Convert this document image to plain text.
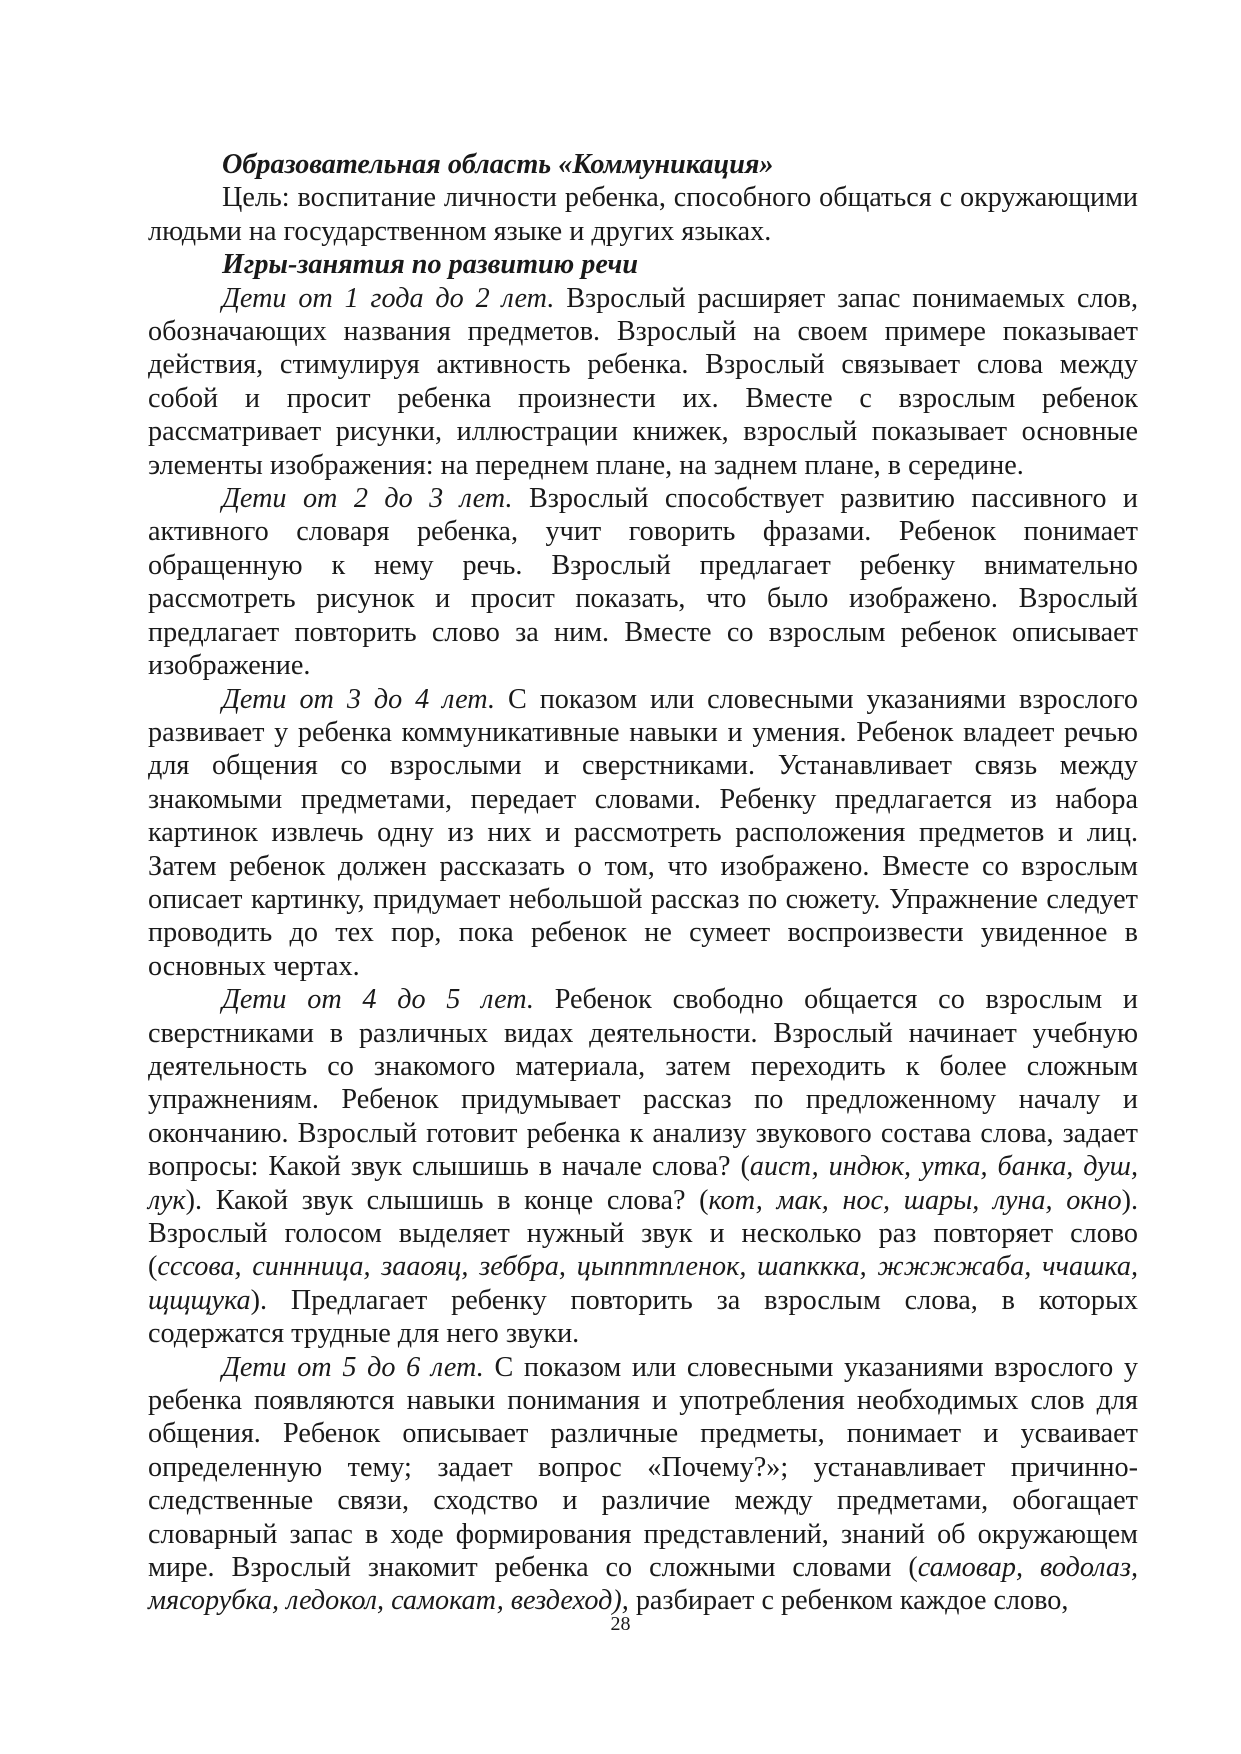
Образовательная область «Коммуникация»

Цель: воспитание личности ребенка, способного общаться с окружающими людьми на государственном языке и других языках.

Игры-занятия по развитию речи

Дети от 1 года до 2 лет. Взрослый расширяет запас понимаемых слов, обозначающих названия предметов. Взрослый на своем примере показывает действия, стимулируя активность ребенка. Взрослый связывает слова между собой и просит ребенка произнести их. Вместе с взрослым ребенок рассматривает рисунки, иллюстрации книжек, взрослый показывает основные элементы изображения: на переднем плане, на заднем плане, в середине.

Дети от 2 до 3 лет. Взрослый способствует развитию пассивного и активного словаря ребенка, учит говорить фразами. Ребенок понимает обращенную к нему речь. Взрослый предлагает ребенку внимательно рассмотреть рисунок и просит показать, что было изображено. Взрослый предлагает повторить слово за ним. Вместе со взрослым ребенок описывает изображение.

Дети от 3 до 4 лет. С показом или словесными указаниями взрослого развивает у ребенка коммуникативные навыки и умения. Ребенок владеет речью для общения со взрослыми и сверстниками. Устанавливает связь между знакомыми предметами, передает словами. Ребенку предлагается из набора картинок извлечь одну из них и рассмотреть расположения предметов и лиц. Затем ребенок должен рассказать о том, что изображено. Вместе со взрослым описает картинку, придумает небольшой рассказ по сюжету. Упражнение следует проводить до тех пор, пока ребенок не сумеет воспроизвести увиденное в основных чертах.

Дети от 4 до 5 лет. Ребенок свободно общается со взрослым и сверстниками в различных видах деятельности. Взрослый начинает учебную деятельность со знакомого материала, затем переходить к более сложным упражнениям. Ребенок придумывает рассказ по предложенному началу и окончанию. Взрослый готовит ребенка к анализу звукового состава слова, задает вопросы: Какой звук слышишь в начале слова? (аист, индюк, утка, банка, душ, лук). Какой звук слышишь в конце слова? (кот, мак, нос, шары, луна, окно). Взрослый голосом выделяет нужный звук и несколько раз повторяет слово (сссова, синнница, зааояц, зеббра, цыпптпленок, шапккка, жжжжаба, ччашка, щщщука). Предлагает ребенку повторить за взрослым слова, в которых содержатся трудные для него звуки.

Дети от 5 до 6 лет. С показом или словесными указаниями взрослого у ребенка появляются навыки понимания и употребления необходимых слов для общения. Ребенок описывает различные предметы, понимает и усваивает определенную тему; задает вопрос «Почему?»; устанавливает причинно-следственные связи, сходство и различие между предметами, обогащает словарный запас в ходе формирования представлений, знаний об окружающем мире. Взрослый знакомит ребенка со сложными словами (самовар, водолаз, мясорубка, ледокол, самокат, вездеход), разбирает с ребенком каждое слово,

28
